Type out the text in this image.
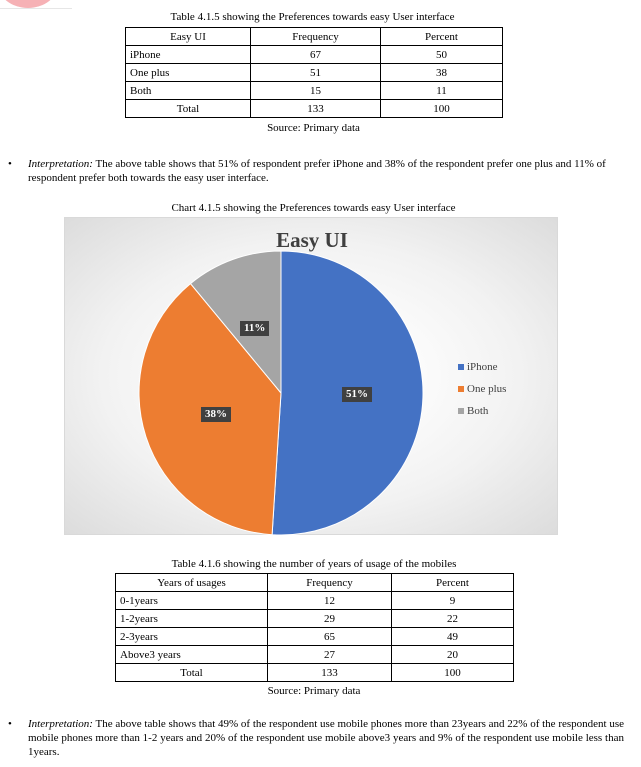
Table 4.1.5 showing the Preferences towards easy User interface
Easy UI	Frequency	Percent
iPhone	67	50
One plus	51	38
Both	15	11
Total	133	100
Source: Primary data
• Interpretation: The above table shows that 51% of respondent prefer iPhone and 38% of the respondent prefer one plus and 11% of respondent prefer both towards the easy user interface.
Chart 4.1.5 showing the Preferences towards easy User interface
Easy UI
51%
38%
11%
iPhone
One plus
Both
Table 4.1.6 showing the number of years of usage of the mobiles
Years of usages	Frequency	Percent
0-1years	12	9
1-2years	29	22
2-3years	65	49
Above3 years	27	20
Total	133	100
Source: Primary data
• Interpretation: The above table shows that 49% of the respondent use mobile phones more than 23years and 22% of the respondent use mobile phones more than 1-2 years and 20% of the respondent use mobile above3 years and 9% of the respondent use mobile less than 1years.
